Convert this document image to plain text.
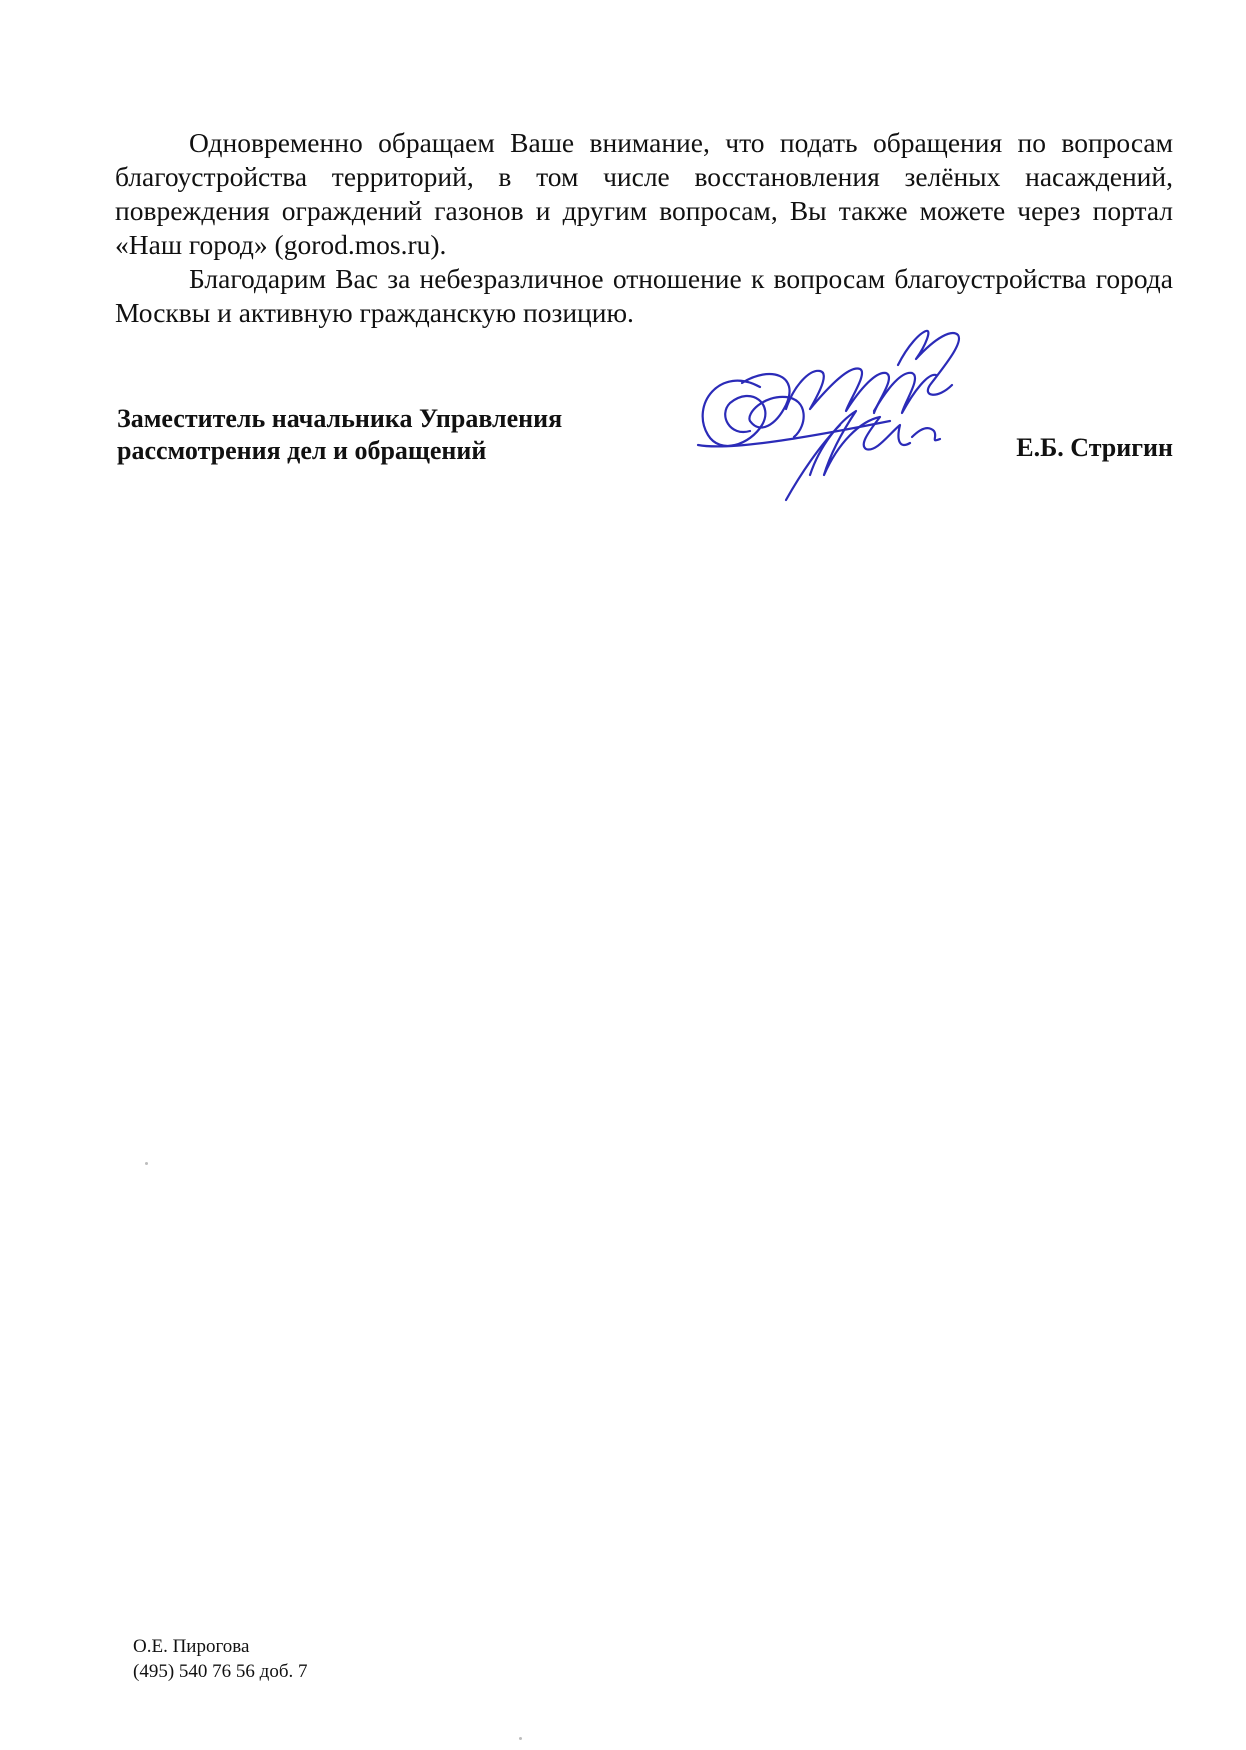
Одновременно обращаем Ваше внимание, что подать обращения по вопросам благоустройства территорий, в том числе восстановления зелёных насаждений, повреждения ограждений газонов и другим вопросам, Вы также можете через портал «Наш город» (gorod.mos.ru).

Благодарим Вас за небезразличное отношение к вопросам благоустройства города Москвы и активную гражданскую позицию.

Заместитель начальника Управления
рассмотрения дел и обращений	Е.Б. Стригин
О.Е. Пирогова
(495) 540 76 56 доб. 7
